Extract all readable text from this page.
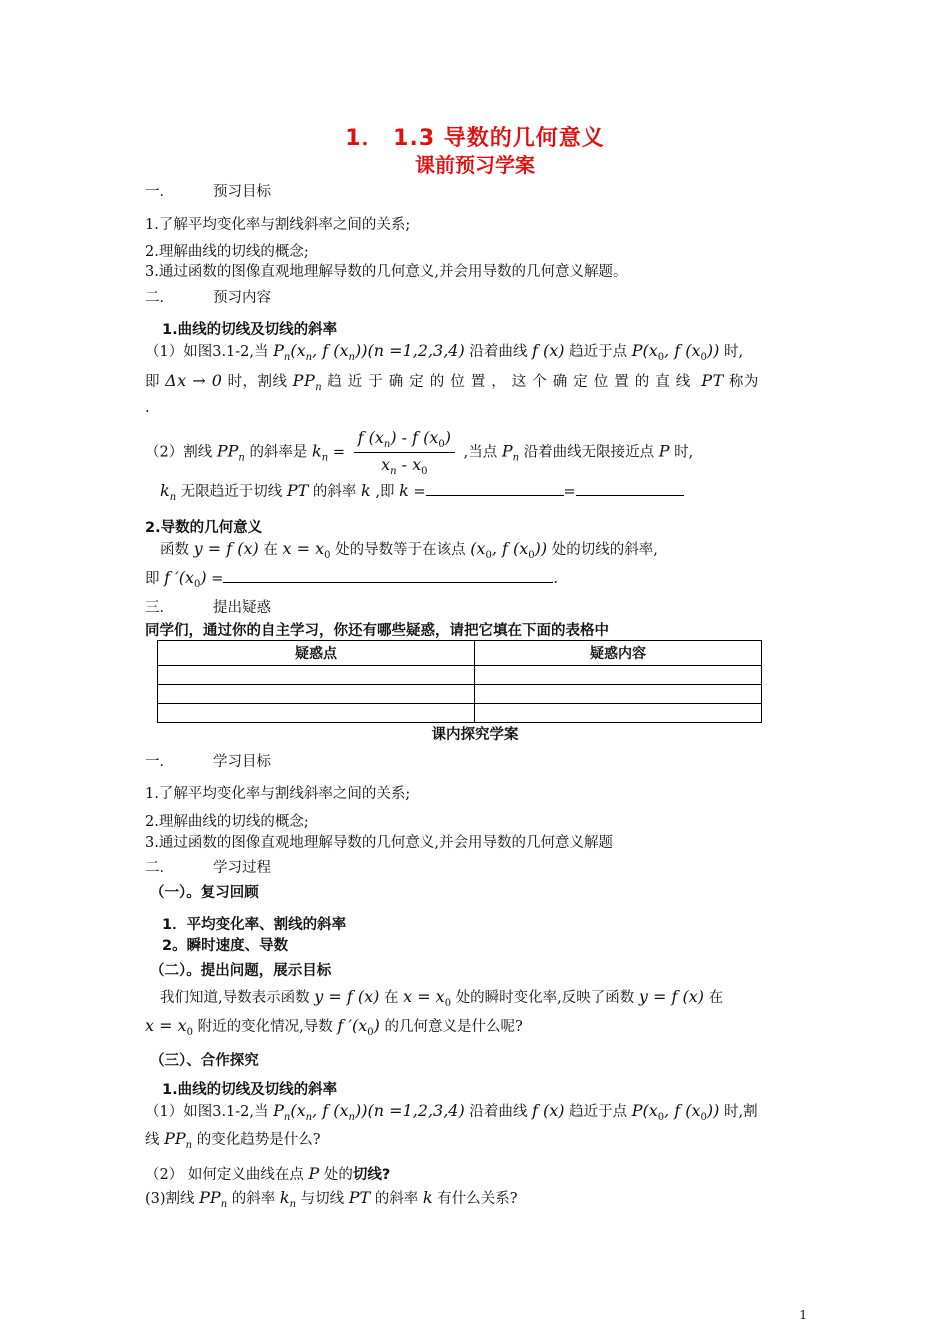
1． 1.3 导数的几何意义
课前预习学案
一．	预习目标
1.了解平均变化率与割线斜率之间的关系;
2.理解曲线的切线的概念;
3.通过函数的图像直观地理解导数的几何意义,并会用导数的几何意义解题。
二．	预习内容
1.曲线的切线及切线的斜率
（1）如图3.1-2,当 $P_n(x_n$, f $(x_n))(n =1,2,3,4)$ 沿着曲线 f (x) 趋近于点 $P(x_0$, f $(x_0)$) 时,
即 Δx → 0 时，割线 $PP_n$ 趋近于确定的位置，这个确定位置的直线 PT 称为
.
（2）割线 $PP_n$ 的斜率是 $k_n = \frac{f (x_n) - f (x_0)}{x_n - x_0}$ ,当点 $P_n$ 沿着曲线无限接近点 P 时,
$k_n$ 无限趋近于切线 PT 的斜率 k ,即 k =	=
2.导数的几何意义
函数 y = f (x) 在 $x = x_0$ 处的导数等于在该点 ($x_0$, f $(x_0)$) 处的切线的斜率,
即 f $'(x_0)$ =	.
三．	提出疑惑
同学们，通过你的自主学习，你还有哪些疑惑，请把它填在下面的表格中
疑惑点	疑惑内容

课内探究学案
一．	学习目标
1.了解平均变化率与割线斜率之间的关系;
2.理解曲线的切线的概念;
3.通过函数的图像直观地理解导数的几何意义,并会用导数的几何意义解题
二．	学习过程
（一）。复习回顾
1．平均变化率、割线的斜率
2。瞬时速度、导数
（二）。提出问题，展示目标
我们知道,导数表示函数 y = f (x) 在 $x = x_0$ 处的瞬时变化率,反映了函数 y = f (x) 在
$x = x_0$ 附近的变化情况,导数 f $'(x_0)$ 的几何意义是什么呢?
（三）、合作探究
1.曲线的切线及切线的斜率
（1）如图3.1-2,当 $P_n(x_n$, f $(x_n))(n =1,2,3,4)$ 沿着曲线 f (x) 趋近于点 $P(x_0$, f $(x_0)$) 时,割
线 $PP_n$ 的变化趋势是什么?
（2） 如何定义曲线在点 P 处的切线?
(3)割线 $PP_n$ 的斜率 $k_n$ 与切线 PT 的斜率 k 有什么关系?
1
